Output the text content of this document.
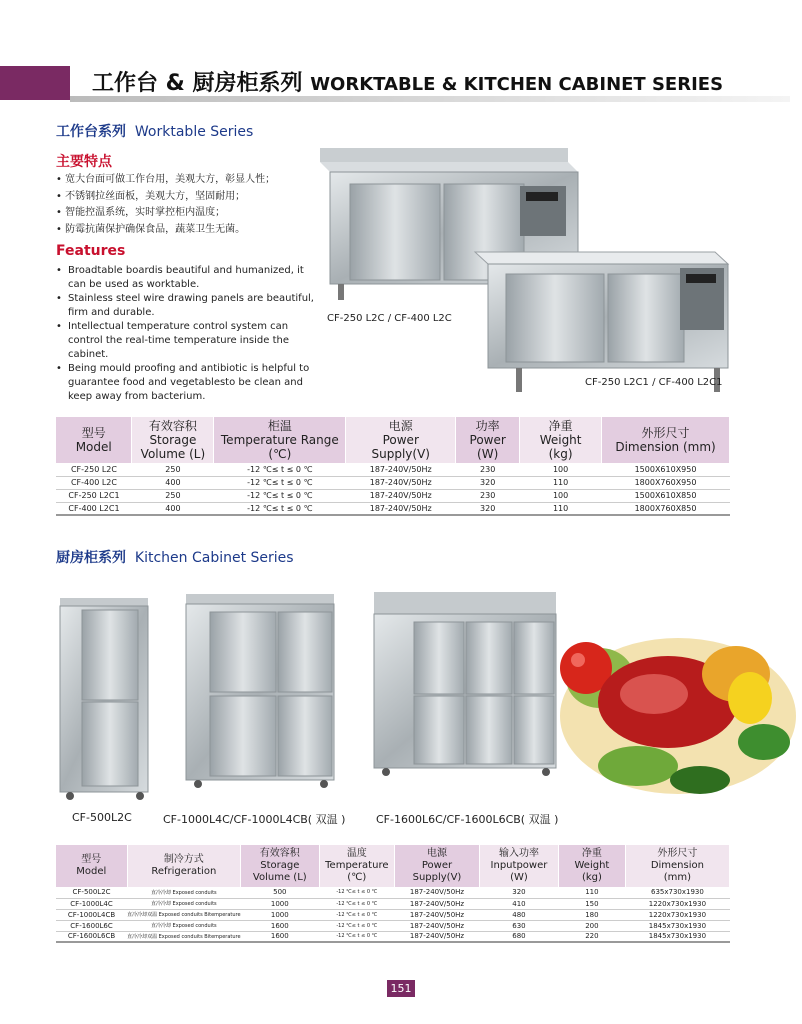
工作台 & 厨房柜系列 WORKTABLE & KITCHEN CABINET SERIES
工作台系列 Worktable Series
主要特点
• 宽大台面可做工作台用，美观大方，彰显人性；
• 不锈钢拉丝面板，美观大方，坚固耐用；
• 智能控温系统，实时掌控柜内温度；
• 防霉抗菌保护确保食品，蔬菜卫生无菌。
Features
• Broadtable boardis beautiful and humanized, it can be used as worktable.
• Stainless steel wire drawing panels are beautiful, firm and durable.
• Intellectual temperature control system can control the real-time temperature inside the cabinet.
• Being mould proofing and antibiotic is helpful to guarantee food and vegetablesto be clean and keep away from bacterium.
CF-250 L2C / CF-400 L2C
CF-250 L2C1 / CF-400 L2C1
型号
Model	有效容积
Storage
Volume (L)	柜温
Temperature Range
(℃)	电源
Power
Supply(V)	功率
Power
(W)	净重
Weight
(kg)	外形尺寸
Dimension (mm)
CF-250 L2C	250	-12 ℃≤ t ≤ 0 ℃	187-240V/50Hz	230	100	1500X610X950
CF-400 L2C	400	-12 ℃≤ t ≤ 0 ℃	187-240V/50Hz	320	110	1800X760X950
CF-250 L2C1	250	-12 ℃≤ t ≤ 0 ℃	187-240V/50Hz	230	100	1500X610X850
CF-400 L2C1	400	-12 ℃≤ t ≤ 0 ℃	187-240V/50Hz	320	110	1800X760X850
厨房柜系列 Kitchen Cabinet Series
CF-500L2C	CF-1000L4C/CF-1000L4CB( 双温 )	CF-1600L6C/CF-1600L6CB( 双温 )
型号
Model	制冷方式
Refrigeration	有效容积
Storage
Volume (L)	温度
Temperature
(℃)	电源
Power
Supply(V)	输入功率
Inputpower
(W)	净重
Weight
(kg)	外形尺寸
Dimension
(mm)
CF-500L2C	直冷冷却 Exposed conduits	500	-12 ℃≤ t ≤ 0 ℃	187-240V/50Hz	320	110	635x730x1930
CF-1000L4C	直冷冷却 Exposed conduits	1000	-12 ℃≤ t ≤ 0 ℃	187-240V/50Hz	410	150	1220x730x1930
CF-1000L4CB	直冷冷却双温 Exposed conduits Bitemperature	1000	-12 ℃≤ t ≤ 0 ℃	187-240V/50Hz	480	180	1220x730x1930
CF-1600L6C	直冷冷却 Exposed conduits	1600	-12 ℃≤ t ≤ 0 ℃	187-240V/50Hz	630	200	1845x730x1930
CF-1600L6CB	直冷冷却双温 Exposed conduits Bitemperature	1600	-12 ℃≤ t ≤ 0 ℃	187-240V/50Hz	680	220	1845x730x1930
151
